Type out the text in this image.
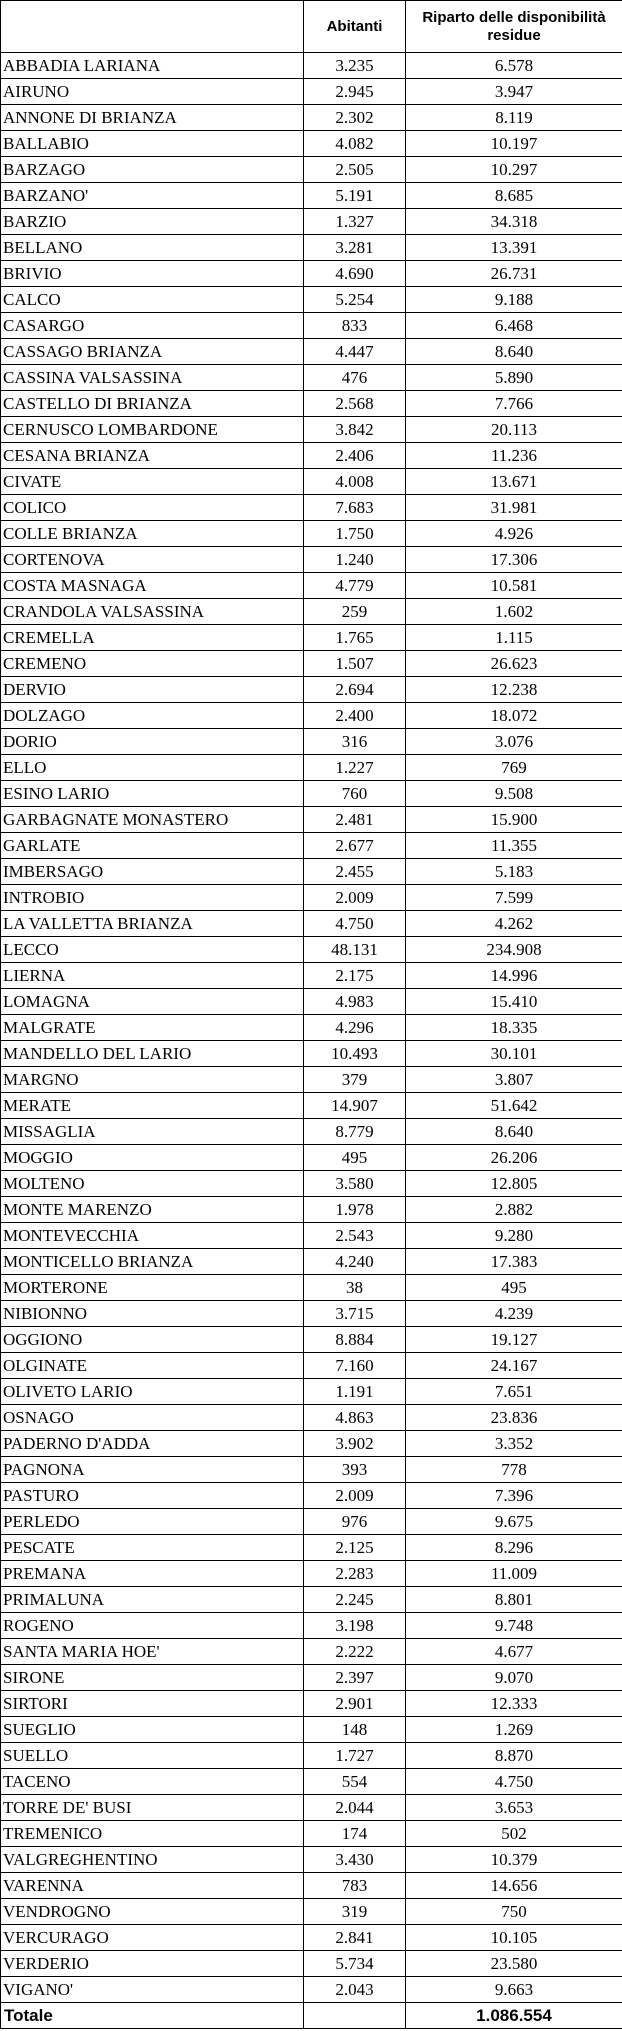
	Abitanti	Riparto delle disponibilità residue
ABBADIA LARIANA	3.235	6.578
AIRUNO	2.945	3.947
ANNONE DI BRIANZA	2.302	8.119
BALLABIO	4.082	10.197
BARZAGO	2.505	10.297
BARZANO'	5.191	8.685
BARZIO	1.327	34.318
BELLANO	3.281	13.391
BRIVIO	4.690	26.731
CALCO	5.254	9.188
CASARGO	833	6.468
CASSAGO BRIANZA	4.447	8.640
CASSINA VALSASSINA	476	5.890
CASTELLO DI BRIANZA	2.568	7.766
CERNUSCO LOMBARDONE	3.842	20.113
CESANA BRIANZA	2.406	11.236
CIVATE	4.008	13.671
COLICO	7.683	31.981
COLLE BRIANZA	1.750	4.926
CORTENOVA	1.240	17.306
COSTA MASNAGA	4.779	10.581
CRANDOLA VALSASSINA	259	1.602
CREMELLA	1.765	1.115
CREMENO	1.507	26.623
DERVIO	2.694	12.238
DOLZAGO	2.400	18.072
DORIO	316	3.076
ELLO	1.227	769
ESINO LARIO	760	9.508
GARBAGNATE MONASTERO	2.481	15.900
GARLATE	2.677	11.355
IMBERSAGO	2.455	5.183
INTROBIO	2.009	7.599
LA VALLETTA BRIANZA	4.750	4.262
LECCO	48.131	234.908
LIERNA	2.175	14.996
LOMAGNA	4.983	15.410
MALGRATE	4.296	18.335
MANDELLO DEL LARIO	10.493	30.101
MARGNO	379	3.807
MERATE	14.907	51.642
MISSAGLIA	8.779	8.640
MOGGIO	495	26.206
MOLTENO	3.580	12.805
MONTE MARENZO	1.978	2.882
MONTEVECCHIA	2.543	9.280
MONTICELLO BRIANZA	4.240	17.383
MORTERONE	38	495
NIBIONNO	3.715	4.239
OGGIONO	8.884	19.127
OLGINATE	7.160	24.167
OLIVETO LARIO	1.191	7.651
OSNAGO	4.863	23.836
PADERNO D'ADDA	3.902	3.352
PAGNONA	393	778
PASTURO	2.009	7.396
PERLEDO	976	9.675
PESCATE	2.125	8.296
PREMANA	2.283	11.009
PRIMALUNA	2.245	8.801
ROGENO	3.198	9.748
SANTA MARIA HOE'	2.222	4.677
SIRONE	2.397	9.070
SIRTORI	2.901	12.333
SUEGLIO	148	1.269
SUELLO	1.727	8.870
TACENO	554	4.750
TORRE DE' BUSI	2.044	3.653
TREMENICO	174	502
VALGREGHENTINO	3.430	10.379
VARENNA	783	14.656
VENDROGNO	319	750
VERCURAGO	2.841	10.105
VERDERIO	5.734	23.580
VIGANO'	2.043	9.663
Totale		1.086.554
